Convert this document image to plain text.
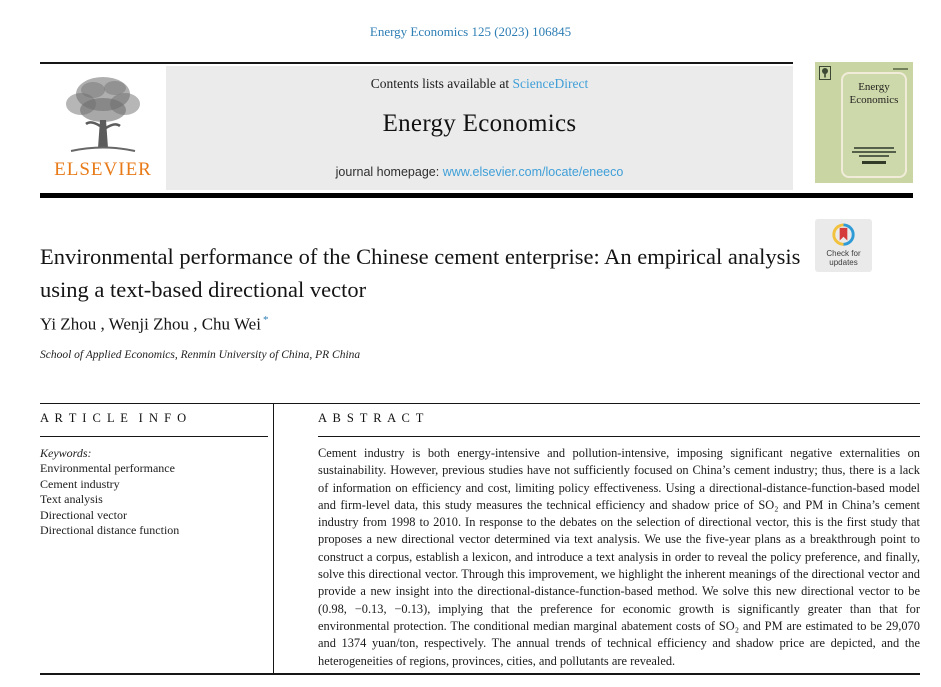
Energy Economics 125 (2023) 106845
ELSEVIER
Contents lists available at ScienceDirect
Energy Economics
journal homepage: www.elsevier.com/locate/eneeco
Energy
Economics
Environmental performance of the Chinese cement enterprise: An empirical analysis using a text-based directional vector
Check for
updates
Yi Zhou , Wenji Zhou , Chu Wei *
School of Applied Economics, Renmin University of China, PR China
A R T I C L E  I N F O	A B S T R A C T
Keywords:
Environmental performance
Cement industry
Text analysis
Directional vector
Directional distance function
Cement industry is both energy-intensive and pollution-intensive, imposing significant negative externalities on sustainability. However, previous studies have not sufficiently focused on China’s cement industry; thus, there is a lack of information on efficiency and cost, limiting policy effectiveness. Using a directional-distance-function-based model and firm-level data, this study measures the technical efficiency and shadow price of SO₂ and PM in China’s cement industry from 1998 to 2010. In response to the debates on the selection of directional vector, this is the first study that proposes a new directional vector determined via text analysis. We use the five-year plans as a breakthrough point to construct a corpus, establish a lexicon, and introduce a text analysis in order to reveal the policy preference, and finally, solve this directional vector. Through this improvement, we highlight the inherent meanings of the directional vector and provide a new insight into the directional-distance-function-based method. We solve this new directional vector to be (0.98, −0.13, −0.13), implying that the preference for economic growth is significantly greater than that for environmental protection. The conditional median marginal abatement costs of SO₂ and PM are estimated to be 29,070 and 1374 yuan/ton, respectively. The annual trends of technical efficiency and shadow price are depicted, and the heterogeneities of regions, provinces, cities, and pollutants are revealed.
